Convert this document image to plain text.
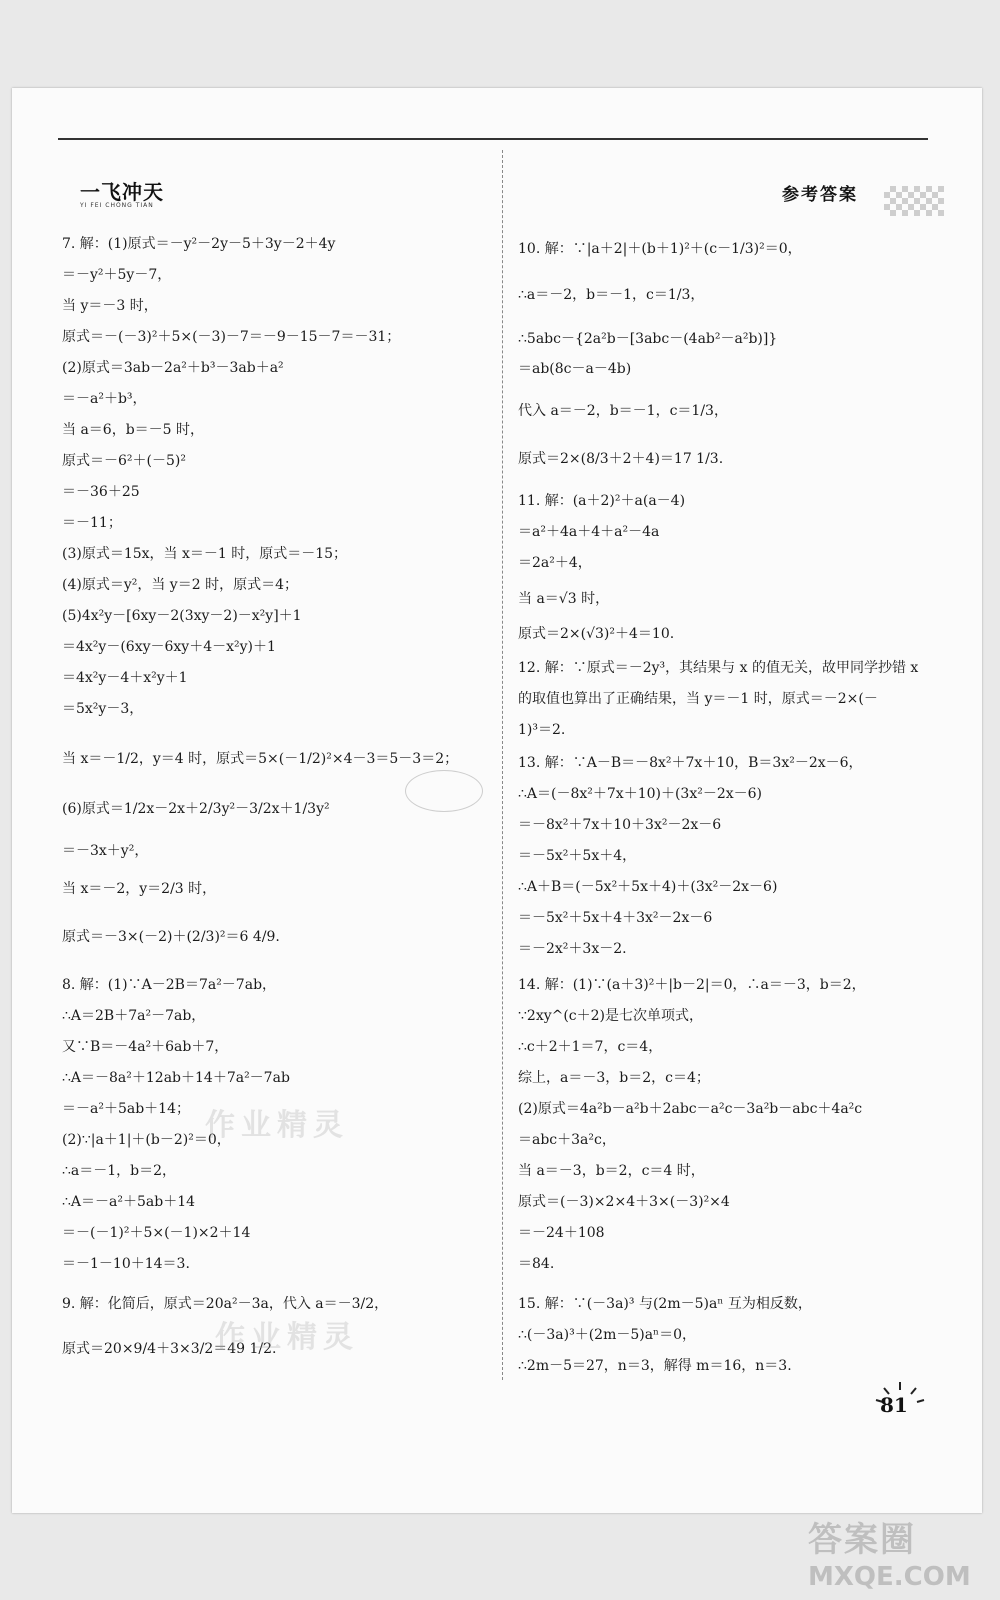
一飞冲天
YI FEI CHONG TIAN
参考答案
7. 解：(1)原式＝－y²－2y－5＋3y－2＋4y
＝－y²＋5y－7，
当 y＝－3 时，
原式＝－(－3)²＋5×(－3)－7＝－9－15－7＝－31；
(2)原式＝3ab－2a²＋b³－3ab＋a²
＝－a²＋b³，
当 a＝6，b＝－5 时，
原式＝－6²＋(－5)²
＝－36＋25
＝－11；
(3)原式＝15x，当 x＝－1 时，原式＝－15；
(4)原式＝y²，当 y＝2 时，原式＝4；
(5)4x²y－[6xy－2(3xy－2)－x²y]＋1
＝4x²y－(6xy－6xy＋4－x²y)＋1
＝4x²y－4＋x²y＋1
＝5x²y－3，
当 x＝－1/2，y＝4 时，原式＝5×(－1/2)²×4－3＝5－3＝2；
(6)原式＝1/2x－2x＋2/3y²－3/2x＋1/3y²
＝－3x＋y²，
当 x＝－2，y＝2/3 时，
原式＝－3×(－2)＋(2/3)²＝6 4/9.
8. 解：(1)∵A－2B＝7a²－7ab，
∴A＝2B＋7a²－7ab，
又∵B＝－4a²＋6ab＋7，
∴A＝－8a²＋12ab＋14＋7a²－7ab
＝－a²＋5ab＋14；
(2)∵|a＋1|＋(b－2)²＝0，
∴a＝－1，b＝2，
∴A＝－a²＋5ab＋14
＝－(－1)²＋5×(－1)×2＋14
＝－1－10＋14＝3.
9. 解：化简后，原式＝20a²－3a，代入 a＝－3/2，
原式＝20×9/4＋3×3/2＝49 1/2.
10. 解：∵|a＋2|＋(b＋1)²＋(c－1/3)²＝0，
∴a＝－2，b＝－1，c＝1/3，
∴5abc－{2a²b－[3abc－(4ab²－a²b)]}
＝ab(8c－a－4b)
代入 a＝－2，b＝－1，c＝1/3，
原式＝2×(8/3＋2＋4)＝17 1/3.
11. 解：(a＋2)²＋a(a－4)
＝a²＋4a＋4＋a²－4a
＝2a²＋4，
当 a＝√3 时，
原式＝2×(√3)²＋4＝10.
12. 解：∵原式＝－2y³，其结果与 x 的值无关，故甲同学抄错 x
的取值也算出了正确结果，当 y＝－1 时，原式＝－2×(－
1)³＝2.
13. 解：∵A－B＝－8x²＋7x＋10，B＝3x²－2x－6，
∴A＝(－8x²＋7x＋10)＋(3x²－2x－6)
＝－8x²＋7x＋10＋3x²－2x－6
＝－5x²＋5x＋4，
∴A＋B＝(－5x²＋5x＋4)＋(3x²－2x－6)
＝－5x²＋5x＋4＋3x²－2x－6
＝－2x²＋3x－2.
14. 解：(1)∵(a＋3)²＋|b－2|＝0，∴a＝－3，b＝2，
∵2xy^(c＋2)是七次单项式，
∴c＋2＋1＝7，c＝4，
综上，a＝－3，b＝2，c＝4；
(2)原式＝4a²b－a²b＋2abc－a²c－3a²b－abc＋4a²c
＝abc＋3a²c，
当 a＝－3，b＝2，c＝4 时，
原式＝(－3)×2×4＋3×(－3)²×4
＝－24＋108
＝84.
15. 解：∵(－3a)³ 与(2m－5)aⁿ 互为相反数，
∴(－3a)³＋(2m－5)aⁿ＝0，
∴2m－5＝27，n＝3，解得 m＝16，n＝3.
作业精灵
作业精灵
81
答案圈
MXQE.COM
